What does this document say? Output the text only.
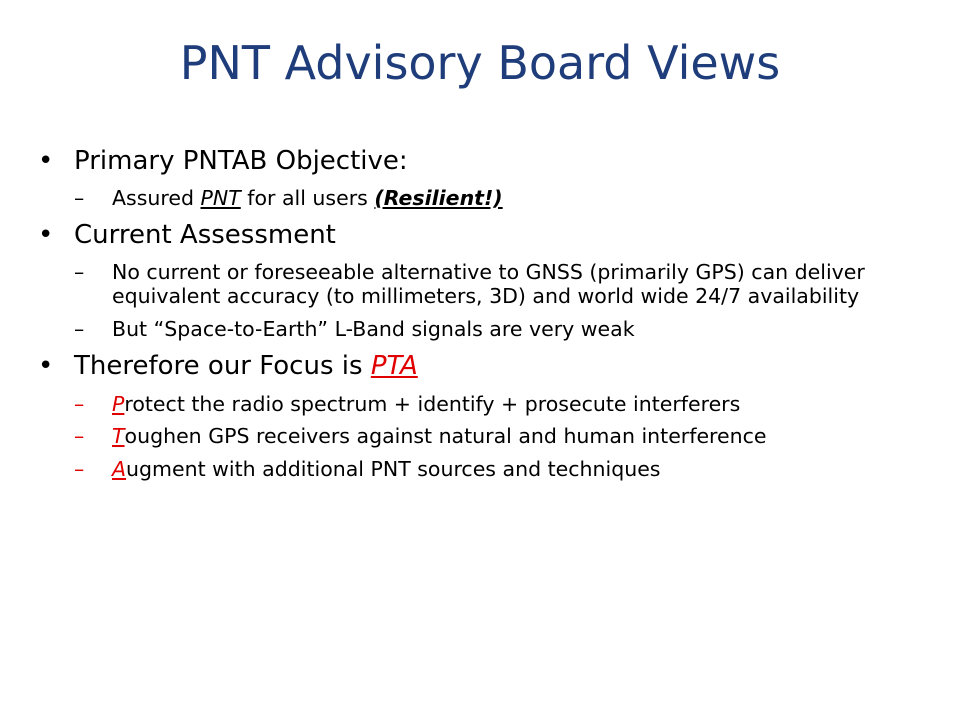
PNT Advisory Board Views
• Primary PNTAB Objective:
– Assured PNT for all users (Resilient!)
• Current Assessment
– No current or foreseeable alternative to GNSS (primarily GPS) can deliver equivalent accuracy (to millimeters, 3D) and world wide 24/7 availability
– But “Space-to-Earth” L-Band signals are very weak
• Therefore our Focus is PTA
– Protect the radio spectrum + identify + prosecute interferers
– Toughen GPS receivers against natural and human interference
– Augment with additional PNT sources and techniques
